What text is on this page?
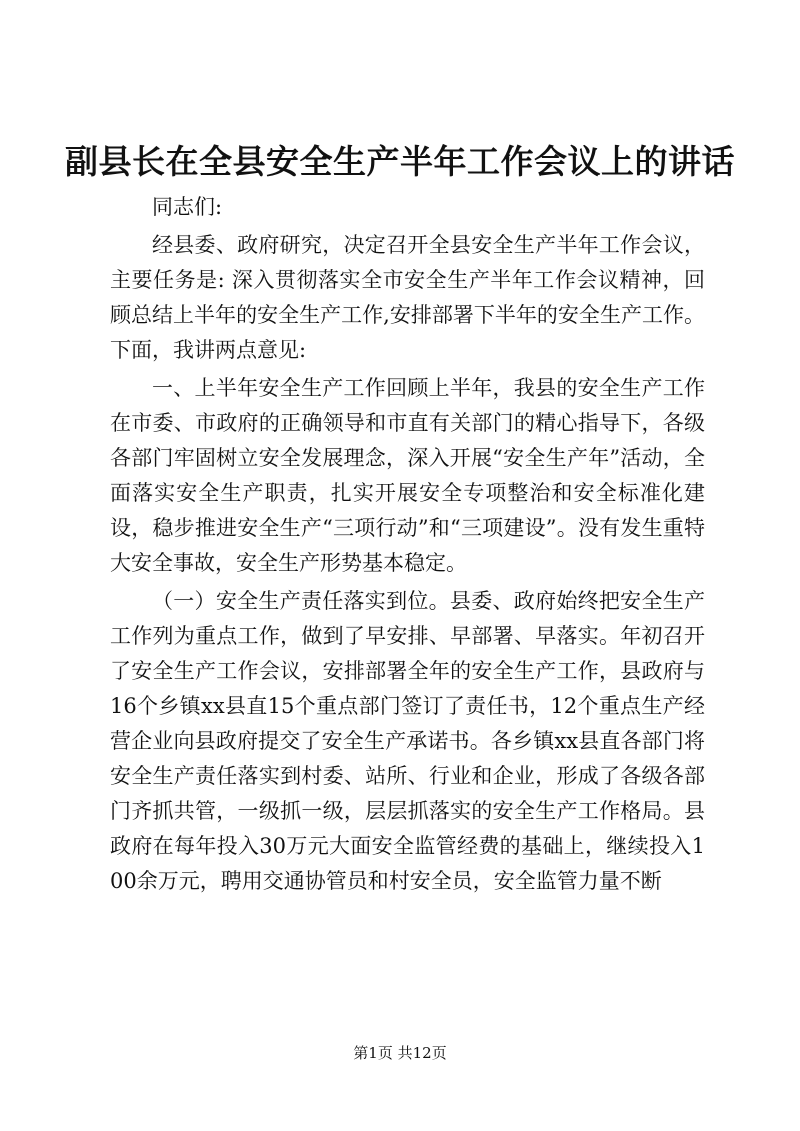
副县长在全县安全生产半年工作会议上的讲话

同志们:

经县委、政府研究，决定召开全县安全生产半年工作会议，主要任务是: 深入贯彻落实全市安全生产半年工作会议精神，回顾总结上半年的安全生产工作,安排部署下半年的安全生产工作。下面，我讲两点意见:

一、上半年安全生产工作回顾上半年，我县的安全生产工作在市委、市政府的正确领导和市直有关部门的精心指导下，各级各部门牢固树立安全发展理念，深入开展“安全生产年”活动，全面落实安全生产职责，扎实开展安全专项整治和安全标准化建设，稳步推进安全生产“三项行动”和“三项建设”。没有发生重特大安全事故，安全生产形势基本稳定。

（一）安全生产责任落实到位。县委、政府始终把安全生产工作列为重点工作，做到了早安排、早部署、早落实。年初召开了安全生产工作会议，安排部署全年的安全生产工作，县政府与16个乡镇xx县直15个重点部门签订了责任书，12个重点生产经营企业向县政府提交了安全生产承诺书。各乡镇xx县直各部门将安全生产责任落实到村委、站所、行业和企业，形成了各级各部门齐抓共管，一级抓一级，层层抓落实的安全生产工作格局。县政府在每年投入30万元大面安全监管经费的基础上，继续投入100余万元，聘用交通协管员和村安全员，安全监管力量不断

第1页 共12页
